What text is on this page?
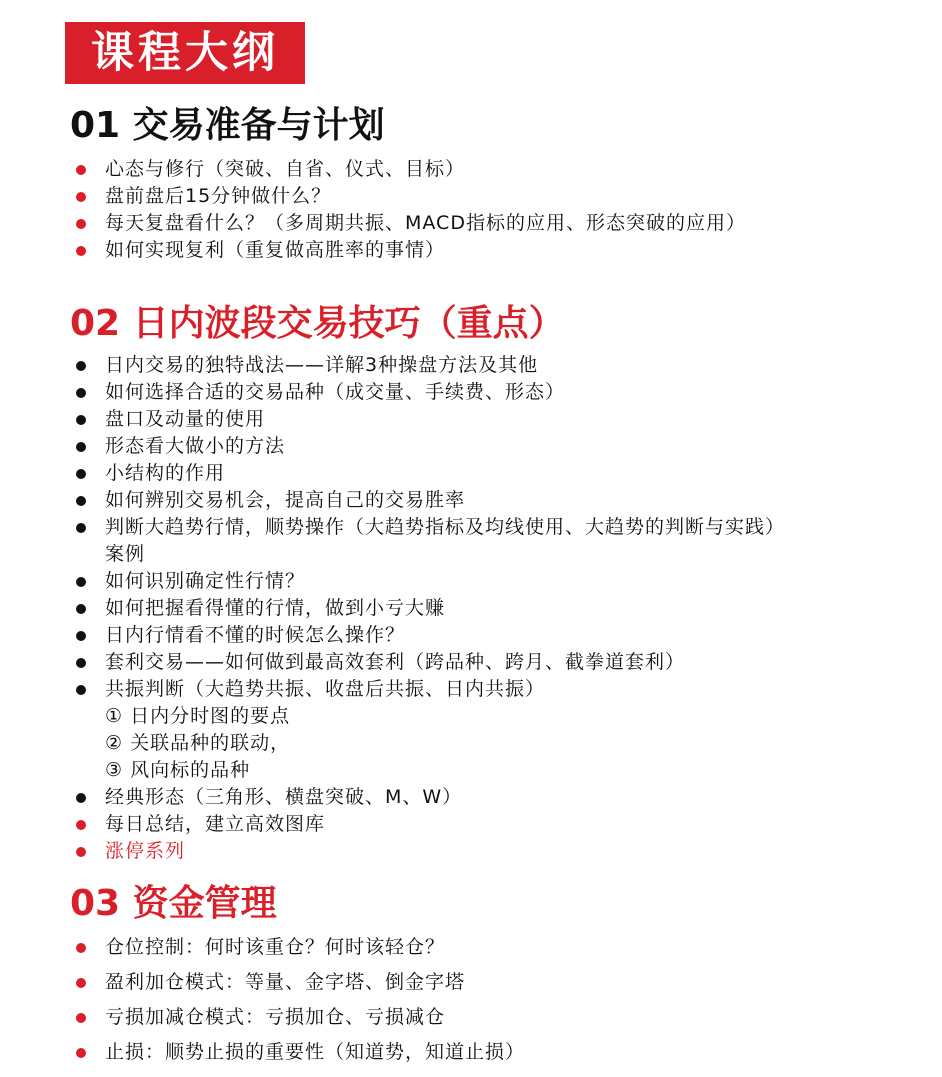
课程大纲
01 交易准备与计划
心态与修行（突破、自省、仪式、目标）
盘前盘后15分钟做什么？
每天复盘看什么？（多周期共振、MACD指标的应用、形态突破的应用）
如何实现复利（重复做高胜率的事情）
02 日内波段交易技巧（重点）
日内交易的独特战法——详解3种操盘方法及其他
如何选择合适的交易品种（成交量、手续费、形态）
盘口及动量的使用
形态看大做小的方法
小结构的作用
如何辨别交易机会，提高自己的交易胜率
判断大趋势行情，顺势操作（大趋势指标及均线使用、大趋势的判断与实践）
案例
如何识别确定性行情？
如何把握看得懂的行情，做到小亏大赚
日内行情看不懂的时候怎么操作？
套利交易——如何做到最高效套利（跨品种、跨月、截拳道套利）
共振判断（大趋势共振、收盘后共振、日内共振）
① 日内分时图的要点
② 关联品种的联动，
③ 风向标的品种
经典形态（三角形、横盘突破、M、W）
每日总结，建立高效图库
涨停系列
03 资金管理
仓位控制：何时该重仓？何时该轻仓？
盈利加仓模式：等量、金字塔、倒金字塔
亏损加减仓模式：亏损加仓、亏损减仓
止损：顺势止损的重要性（知道势，知道止损）
